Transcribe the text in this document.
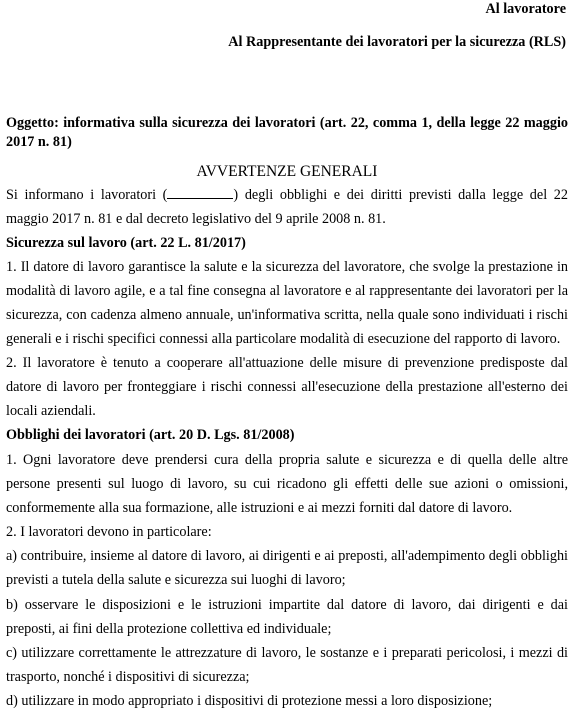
Al lavoratore

Al Rappresentante dei lavoratori per la sicurezza (RLS)

Oggetto: informativa sulla sicurezza dei lavoratori (art. 22, comma 1, della legge 22 maggio 2017 n. 81)

AVVERTENZE GENERALI

Si informano i lavoratori (	) degli obblighi e dei diritti previsti dalla legge del 22 maggio 2017 n. 81 e dal decreto legislativo del 9 aprile 2008 n. 81.

Sicurezza sul lavoro (art. 22 L. 81/2017)

1. Il datore di lavoro garantisce la salute e la sicurezza del lavoratore, che svolge la prestazione in modalità di lavoro agile, e a tal fine consegna al lavoratore e al rappresentante dei lavoratori per la sicurezza, con cadenza almeno annuale, un'informativa scritta, nella quale sono individuati i rischi generali e i rischi specifici connessi alla particolare modalità di esecuzione del rapporto di lavoro.

2. Il lavoratore è tenuto a cooperare all'attuazione delle misure di prevenzione predisposte dal datore di lavoro per fronteggiare i rischi connessi all'esecuzione della prestazione all'esterno dei locali aziendali.

Obblighi dei lavoratori (art. 20 D. Lgs. 81/2008)

1. Ogni lavoratore deve prendersi cura della propria salute e sicurezza e di quella delle altre persone presenti sul luogo di lavoro, su cui ricadono gli effetti delle sue azioni o omissioni, conformemente alla sua formazione, alle istruzioni e ai mezzi forniti dal datore di lavoro.

2. I lavoratori devono in particolare:

a) contribuire, insieme al datore di lavoro, ai dirigenti e ai preposti, all'adempimento degli obblighi previsti a tutela della salute e sicurezza sui luoghi di lavoro;

b) osservare le disposizioni e le istruzioni impartite dal datore di lavoro, dai dirigenti e dai preposti, ai fini della protezione collettiva ed individuale;

c) utilizzare correttamente le attrezzature di lavoro, le sostanze e i preparati pericolosi, i mezzi di trasporto, nonché i dispositivi di sicurezza;

d) utilizzare in modo appropriato i dispositivi di protezione messi a loro disposizione;
